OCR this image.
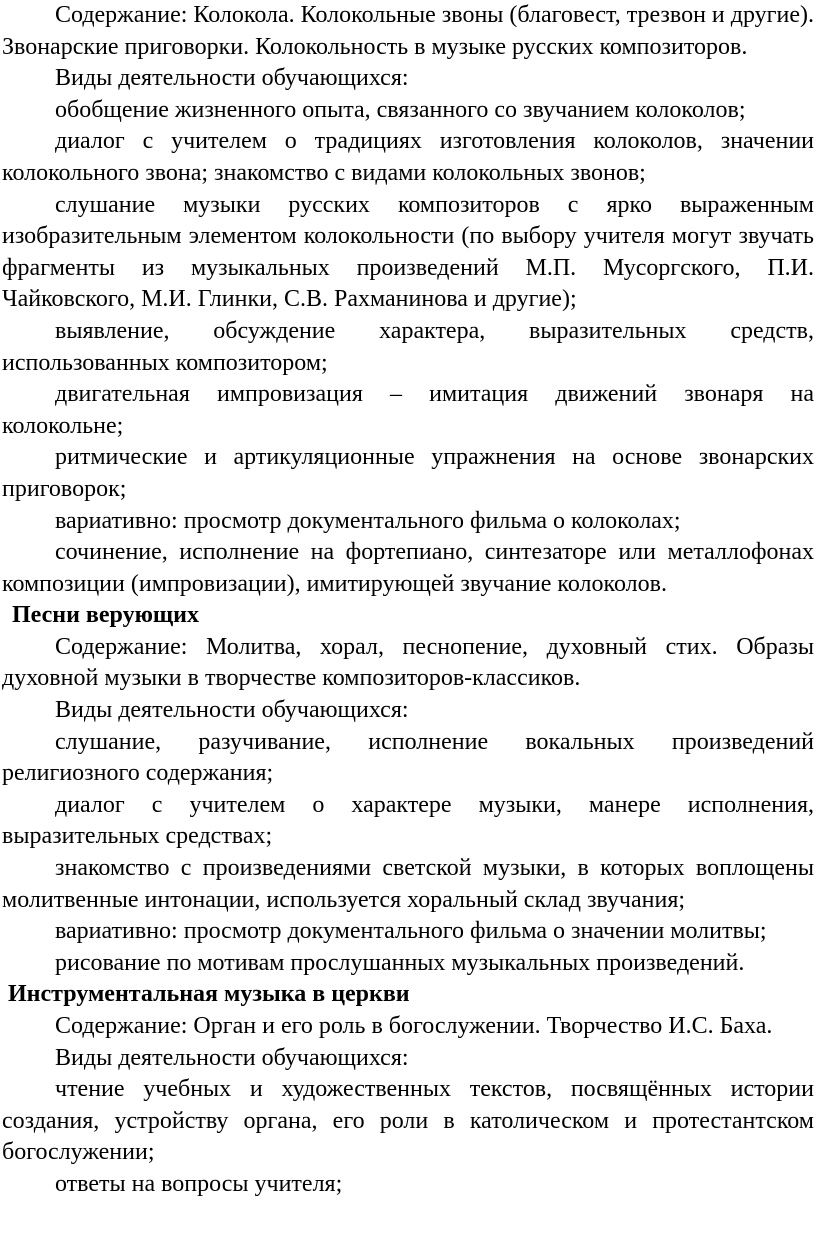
Содержание: Колокола. Колокольные звоны (благовест, трезвон и другие). Звонарские приговорки. Колокольность в музыке русских композиторов.

Виды деятельности обучающихся:

обобщение жизненного опыта, связанного со звучанием колоколов;

диалог с учителем о традициях изготовления колоколов, значении колокольного звона; знакомство с видами колокольных звонов;

слушание музыки русских композиторов с ярко выраженным изобразительным элементом колокольности (по выбору учителя могут звучать фрагменты из музыкальных произведений М.П. Мусоргского, П.И. Чайковского, М.И. Глинки, С.В. Рахманинова и другие);

выявление, обсуждение характера, выразительных средств, использованных композитором;

двигательная импровизация – имитация движений звонаря на колокольне;

ритмические и артикуляционные упражнения на основе звонарских приговорок;

вариативно: просмотр документального фильма о колоколах;

сочинение, исполнение на фортепиано, синтезаторе или металлофонах композиции (импровизации), имитирующей звучание колоколов.

Песни верующих

Содержание: Молитва, хорал, песнопение, духовный стих. Образы духовной музыки в творчестве композиторов-классиков.

Виды деятельности обучающихся:

слушание, разучивание, исполнение вокальных произведений религиозного содержания;

диалог с учителем о характере музыки, манере исполнения, выразительных средствах;

знакомство с произведениями светской музыки, в которых воплощены молитвенные интонации, используется хоральный склад звучания;

вариативно: просмотр документального фильма о значении молитвы;

рисование по мотивам прослушанных музыкальных произведений.

Инструментальная музыка в церкви

Содержание: Орган и его роль в богослужении. Творчество И.С. Баха.

Виды деятельности обучающихся:

чтение учебных и художественных текстов, посвящённых истории создания, устройству органа, его роли в католическом и протестантском богослужении;

ответы на вопросы учителя;
